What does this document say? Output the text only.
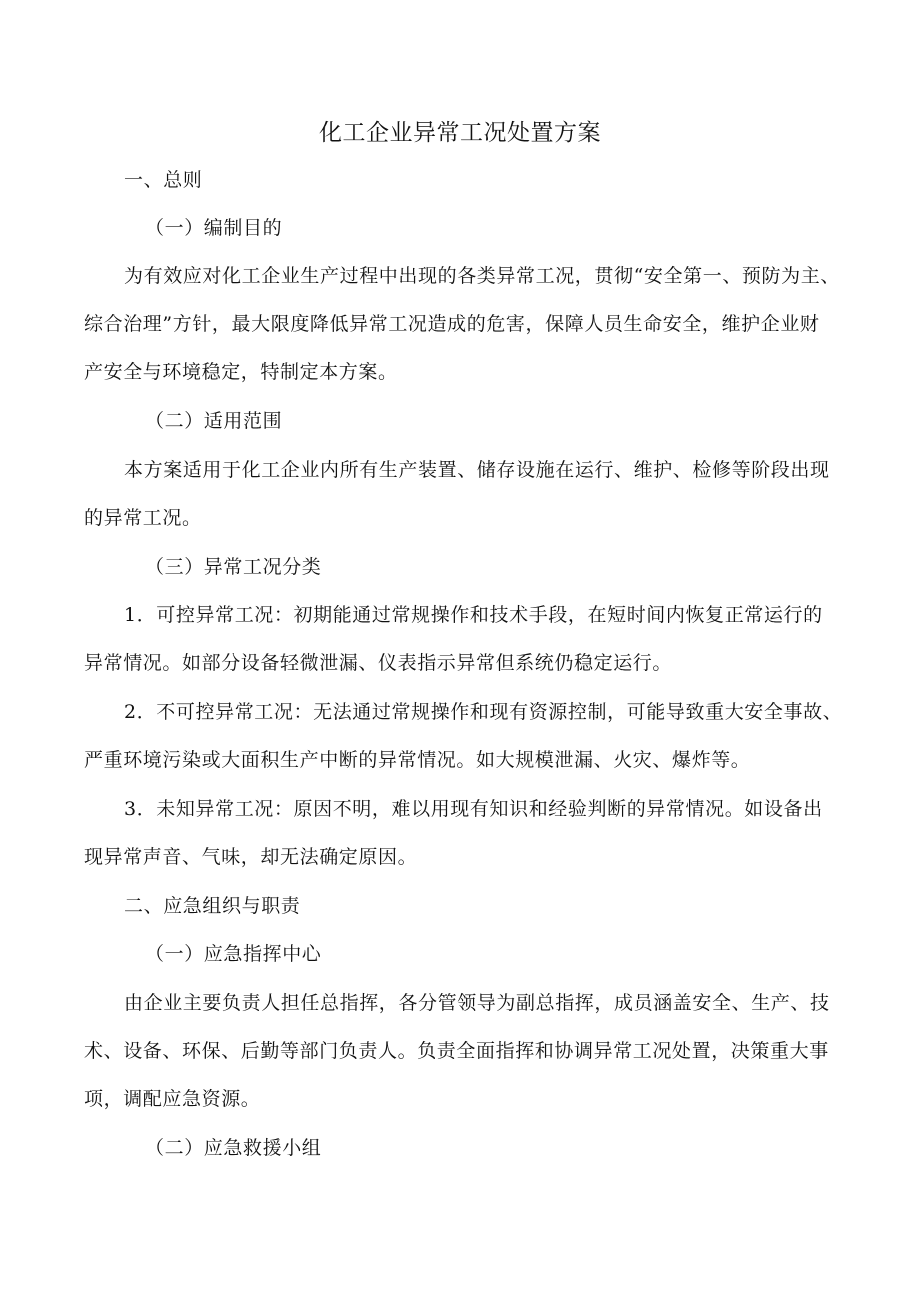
化工企业异常工况处置方案
一、总则
（一）编制目的
为有效应对化工企业生产过程中出现的各类异常工况，贯彻“安全第一、预防为主、
综合治理”方针，最大限度降低异常工况造成的危害，保障人员生命安全，维护企业财
产安全与环境稳定，特制定本方案。
（二）适用范围
本方案适用于化工企业内所有生产装置、储存设施在运行、维护、检修等阶段出现
的异常工况。
（三）异常工况分类
1．可控异常工况：初期能通过常规操作和技术手段，在短时间内恢复正常运行的
异常情况。如部分设备轻微泄漏、仪表指示异常但系统仍稳定运行。
2．不可控异常工况：无法通过常规操作和现有资源控制，可能导致重大安全事故、
严重环境污染或大面积生产中断的异常情况。如大规模泄漏、火灾、爆炸等。
3．未知异常工况：原因不明，难以用现有知识和经验判断的异常情况。如设备出
现异常声音、气味，却无法确定原因。
二、应急组织与职责
（一）应急指挥中心
由企业主要负责人担任总指挥，各分管领导为副总指挥，成员涵盖安全、生产、技
术、设备、环保、后勤等部门负责人。负责全面指挥和协调异常工况处置，决策重大事
项，调配应急资源。
（二）应急救援小组
